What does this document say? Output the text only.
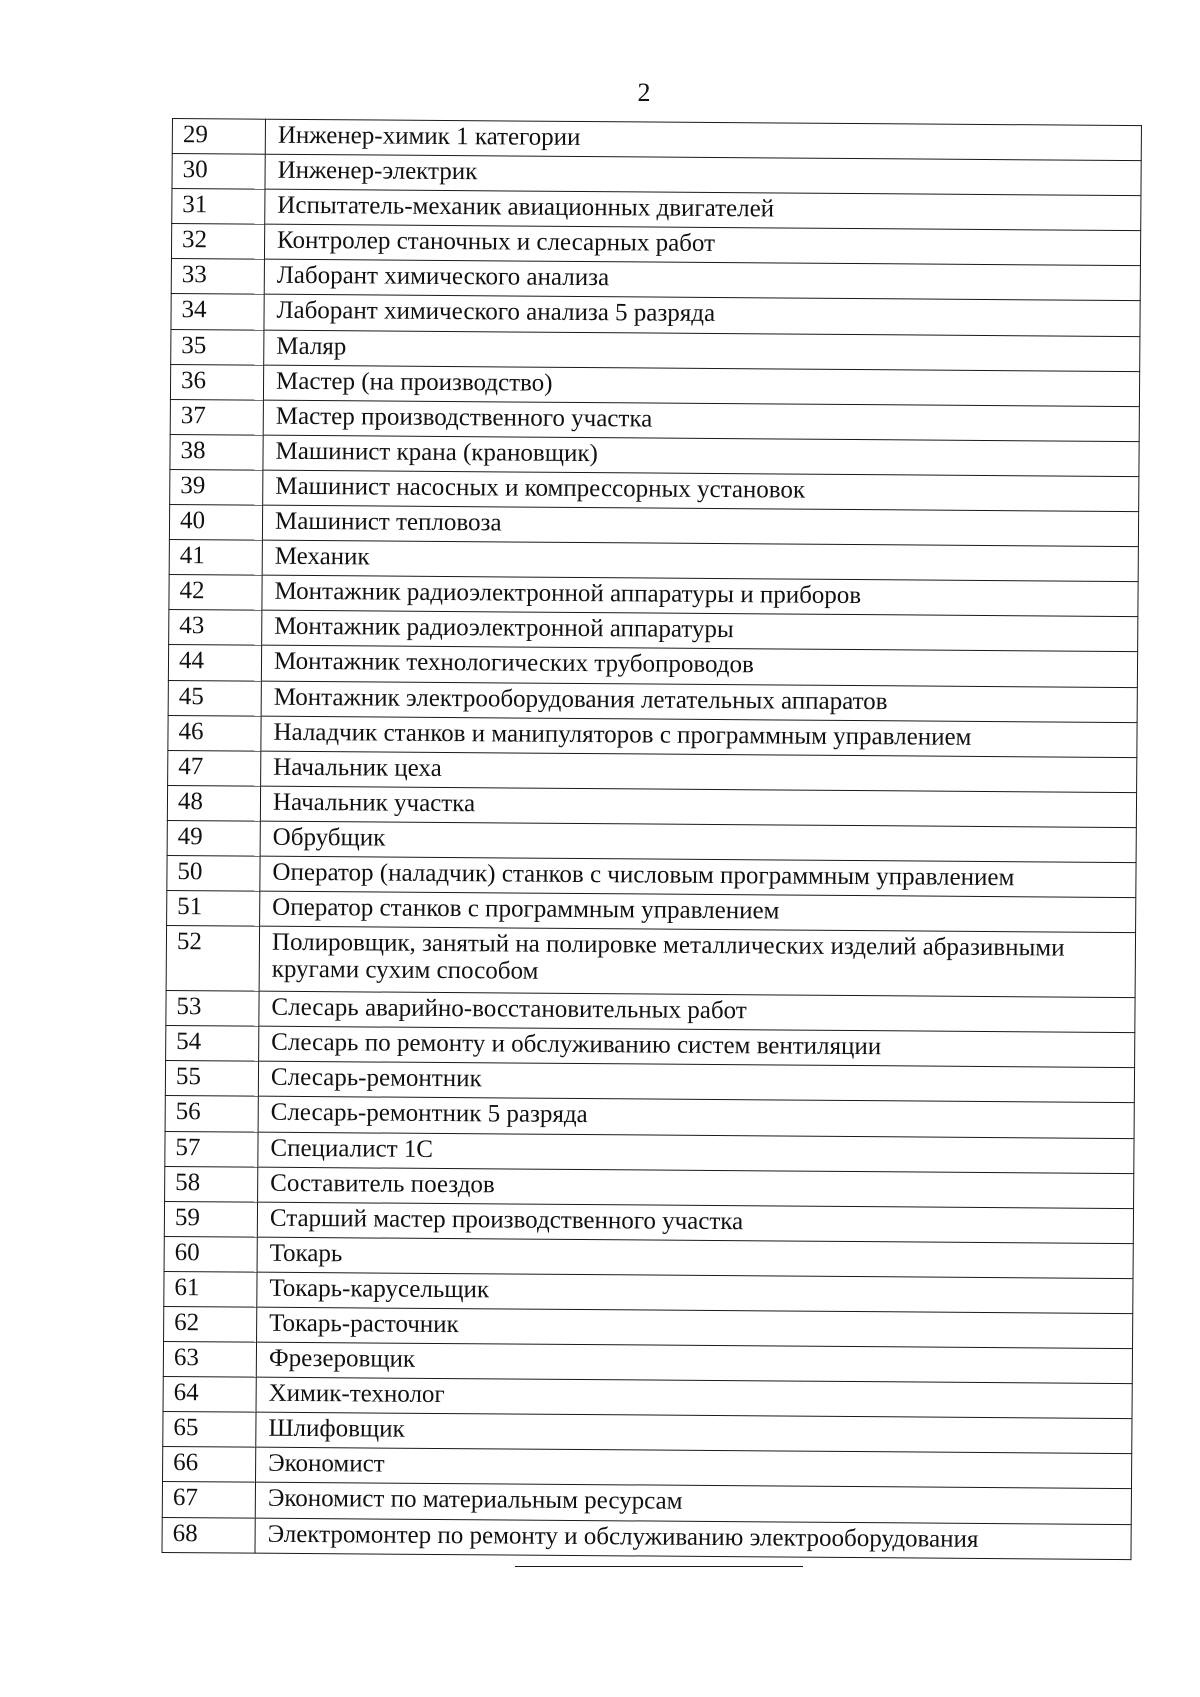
2
29	Инженер-химик 1 категории
30	Инженер-электрик
31	Испытатель-механик авиационных двигателей
32	Контролер станочных и слесарных работ
33	Лаборант химического анализа
34	Лаборант химического анализа 5 разряда
35	Маляр
36	Мастер (на производство)
37	Мастер производственного участка
38	Машинист крана (крановщик)
39	Машинист насосных и компрессорных установок
40	Машинист тепловоза
41	Механик
42	Монтажник радиоэлектронной аппаратуры и приборов
43	Монтажник радиоэлектронной аппаратуры
44	Монтажник технологических трубопроводов
45	Монтажник электрооборудования летательных аппаратов
46	Наладчик станков и манипуляторов с программным управлением
47	Начальник цеха
48	Начальник участка
49	Обрубщик
50	Оператор (наладчик) станков с числовым программным управлением
51	Оператор станков с программным управлением
52	Полировщик, занятый на полировке металлических изделий абразивными кругами сухим способом
53	Слесарь аварийно-восстановительных работ
54	Слесарь по ремонту и обслуживанию систем вентиляции
55	Слесарь-ремонтник
56	Слесарь-ремонтник 5 разряда
57	Специалист 1С
58	Составитель поездов
59	Старший мастер производственного участка
60	Токарь
61	Токарь-карусельщик
62	Токарь-расточник
63	Фрезеровщик
64	Химик-технолог
65	Шлифовщик
66	Экономист
67	Экономист по материальным ресурсам
68	Электромонтер по ремонту и обслуживанию электрооборудования
